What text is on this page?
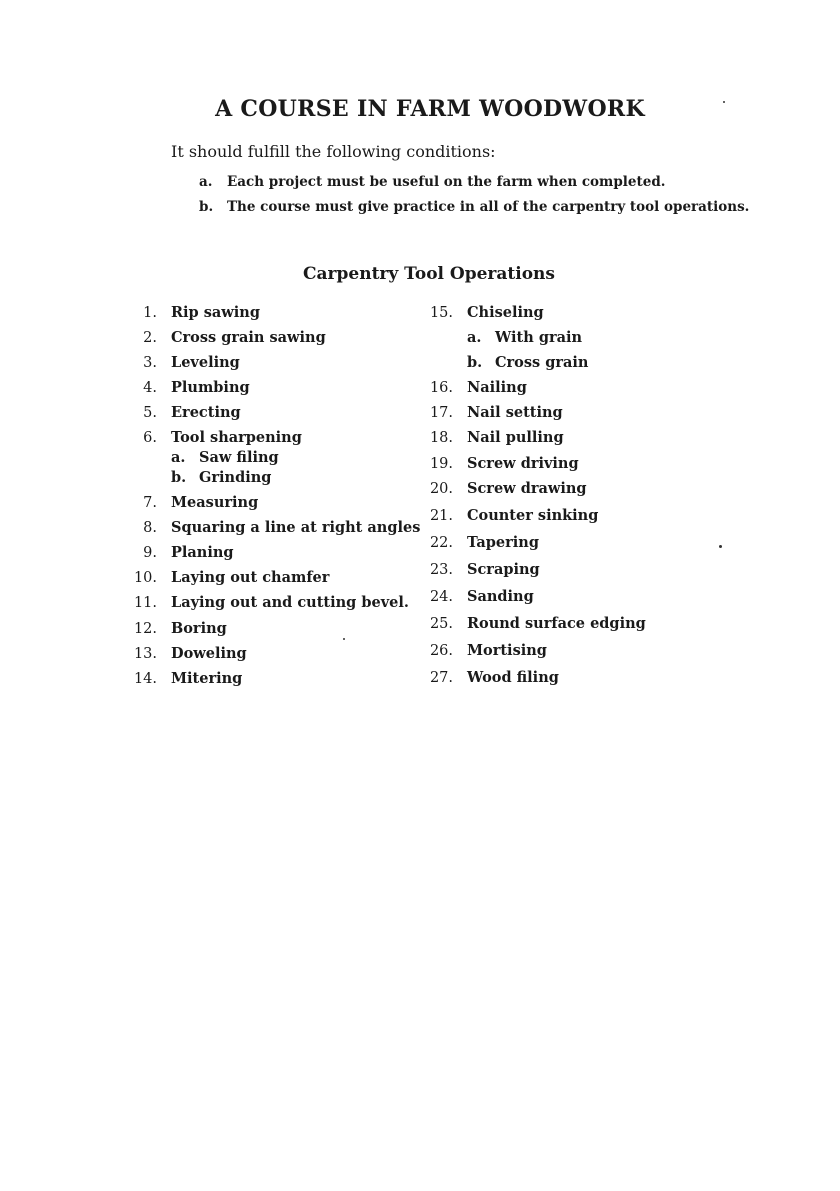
A COURSE IN FARM WOODWORK

It should fulfill the following conditions:

a. Each project must be useful on the farm when completed.
b. The course must give practice in all of the carpentry tool operations.
Carpentry Tool Operations
1. Rip sawing
2. Cross grain sawing
3. Leveling
4. Plumbing
5. Erecting
6. Tool sharpening
a. Saw filing
b. Grinding
7. Measuring
8. Squaring a line at right angles
9. Planing
10. Laying out chamfer
11. Laying out and cutting bevel.
12. Boring
13. Doweling
14. Mitering
15. Chiseling
a. With grain
b. Cross grain
16. Nailing
17. Nail setting
18. Nail pulling
19. Screw driving
20. Screw drawing
21. Counter sinking
22. Tapering
23. Scraping
24. Sanding
25. Round surface edging
26. Mortising
27. Wood filing
